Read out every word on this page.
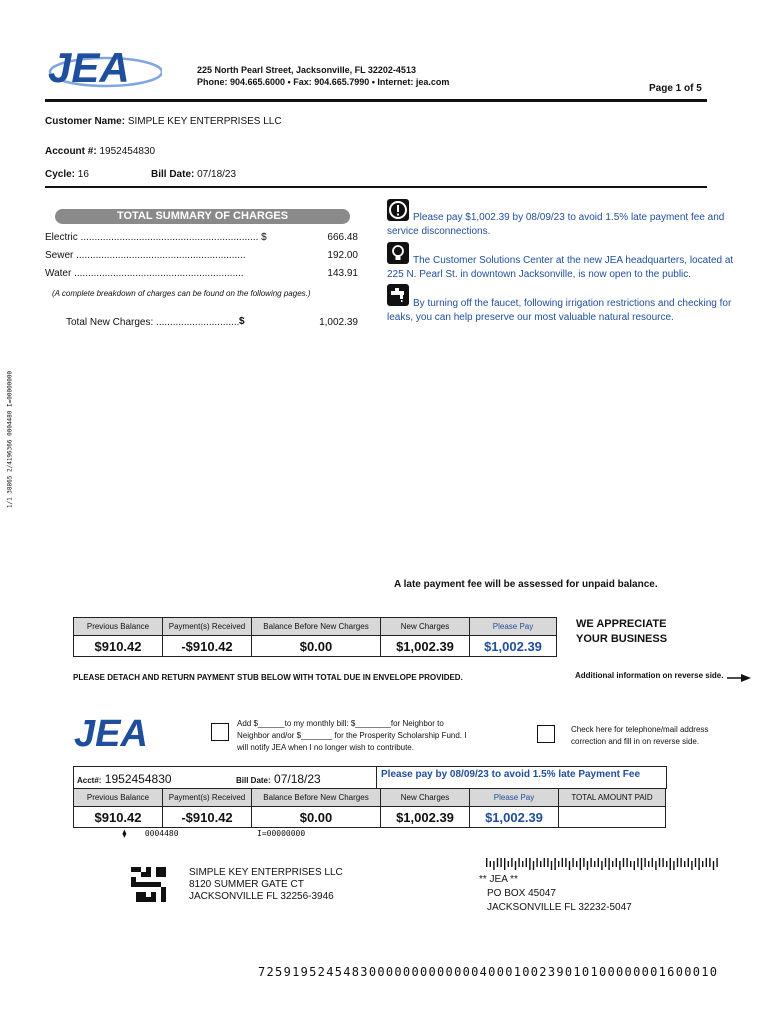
JEA	225 North Pearl Street, Jacksonville, FL 32202-4513
Phone: 904.665.6000 • Fax: 904.665.7990 • Internet: jea.com
Page 1 of 5
Customer Name: SIMPLE KEY ENTERPRISES LLC
Account #: 1952454830
Cycle: 16	Bill Date: 07/18/23
TOTAL SUMMARY OF CHARGES
Electric ................................................................ $	666.48
Sewer .............................................................	192.00
Water .............................................................	143.91
(A complete breakdown of charges can be found on the following pages.)
Total New Charges: .............................. $	1,002.39
Please pay $1,002.39 by 08/09/23 to avoid 1.5% late payment fee and service disconnections.
The Customer Solutions Center at the new JEA headquarters, located at 225 N. Pearl St. in downtown Jacksonville, is now open to the public.
By turning off the faucet, following irrigation restrictions and checking for leaks, you can help preserve our most valuable natural resource.
1/1 38865 2/4196366 0004480 I=00000000
A late payment fee will be assessed for unpaid balance.
Previous Balance	Payment(s) Received	Balance Before New Charges	New Charges	Please Pay
$910.42	-$910.42	$0.00	$1,002.39	$1,002.39
WE APPRECIATE YOUR BUSINESS
PLEASE DETACH AND RETURN PAYMENT STUB BELOW WITH TOTAL DUE IN ENVELOPE PROVIDED.	Additional information on reverse side.
JEA	Add $______to my monthly bill: $________for Neighbor to Neighbor and/or $_______ for the Prosperity Scholarship Fund. I will notify JEA when I no longer wish to contribute.
Check here for telephone/mail address correction and fill in on reverse side.
Acct#: 1952454830	Bill Date: 07/18/23	Please pay by 08/09/23 to avoid 1.5% late Payment Fee
Previous Balance	Payment(s) Received	Balance Before New Charges	New Charges	Please Pay	TOTAL AMOUNT PAID
$910.42	-$910.42	$0.00	$1,002.39	$1,002.39	
⧫ 0004480	I=00000000
SIMPLE KEY ENTERPRISES LLC
8120 SUMMER GATE CT
JACKSONVILLE FL 32256-3946
** JEA **
PO BOX 45047
JACKSONVILLE FL 32232-5047
725919524548300000000000004000100239010100000001600010
